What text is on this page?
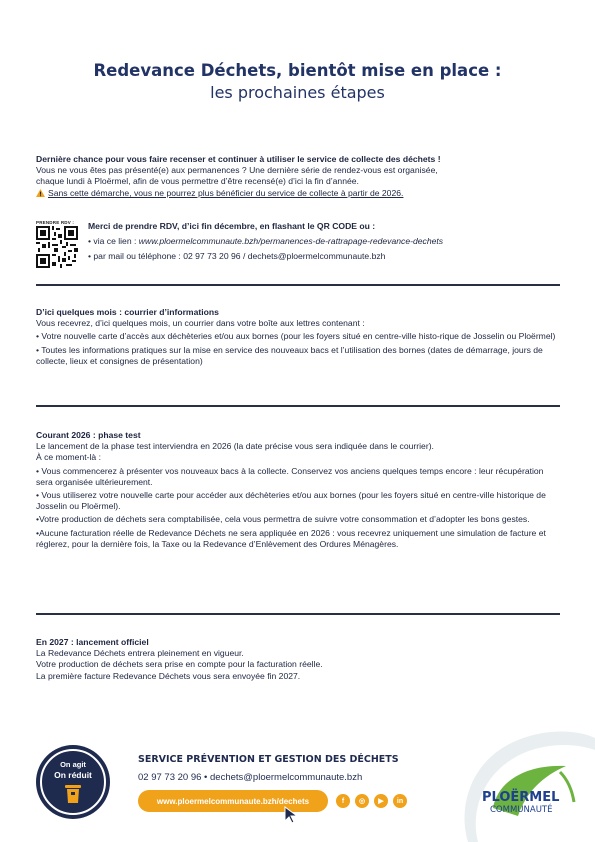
Redevance Déchets, bientôt mise en place :
les prochaines étapes

Dernière chance pour vous faire recenser et continuer à utiliser le service de collecte des déchets !

Vous ne vous êtes pas présenté(e) aux permanences ? Une dernière série de rendez-vous est organisée,

chaque lundi à Ploërmel, afin de vous permettre d’être recensé(e) d’ici la fin d’année.

Sans cette démarche, vous ne pourrez plus bénéficier du service de collecte à partir de 2026.

PRENDRE RDV :	Merci de prendre RDV, d’ici fin décembre, en flashant le QR CODE ou :

• via ce lien : www.ploermelcommunaute.bzh/permanences-de-rattrapage-redevance-dechets

• par mail ou téléphone : 02 97 73 20 96 / dechets@ploermelcommunaute.bzh

D’ici quelques mois : courrier d’informations

Vous recevrez, d’ici quelques mois, un courrier dans votre boîte aux lettres contenant :

• Votre nouvelle carte d’accès aux déchèteries et/ou aux bornes (pour les foyers situé en centre-ville histo-rique de Josselin ou Ploërmel)

• Toutes les informations pratiques sur la mise en service des nouveaux bacs et l’utilisation des bornes (dates de démarrage, jours de collecte, lieux et consignes de présentation)

Courant 2026 : phase test

Le lancement de la phase test interviendra en 2026 (la date précise vous sera indiquée dans le courrier).

À ce moment-là :

• Vous commencerez à présenter vos nouveaux bacs à la collecte. Conservez vos anciens quelques temps encore : leur récupération sera organisée ultérieurement.

• Vous utiliserez votre nouvelle carte pour accéder aux déchèteries et/ou aux bornes (pour les foyers situé en centre-ville historique de Josselin ou Ploërmel).

•Votre production de déchets sera comptabilisée, cela vous permettra de suivre votre consommation et d’adopter les bons gestes.

•Aucune facturation réelle de Redevance Déchets ne sera appliquée en 2026 : vous recevrez uniquement une simulation de facture et réglerez, pour la dernière fois, la Taxe ou la Redevance d’Enlèvement des Ordures Ménagères.

En 2027 : lancement officiel

La Redevance Déchets entrera pleinement en vigueur.

Votre production de déchets sera prise en compte pour la facturation réelle.

La première facture Redevance Déchets vous sera envoyée fin 2027.

On agit
On réduit
SERVICE PRÉVENTION ET GESTION DES DÉCHETS
02 97 73 20 96 • dechets@ploermelcommunaute.bzh
www.ploermelcommunaute.bzh/dechets	f	◎	▶	in	PLOËRMEL
COMMUNAUTÉ
